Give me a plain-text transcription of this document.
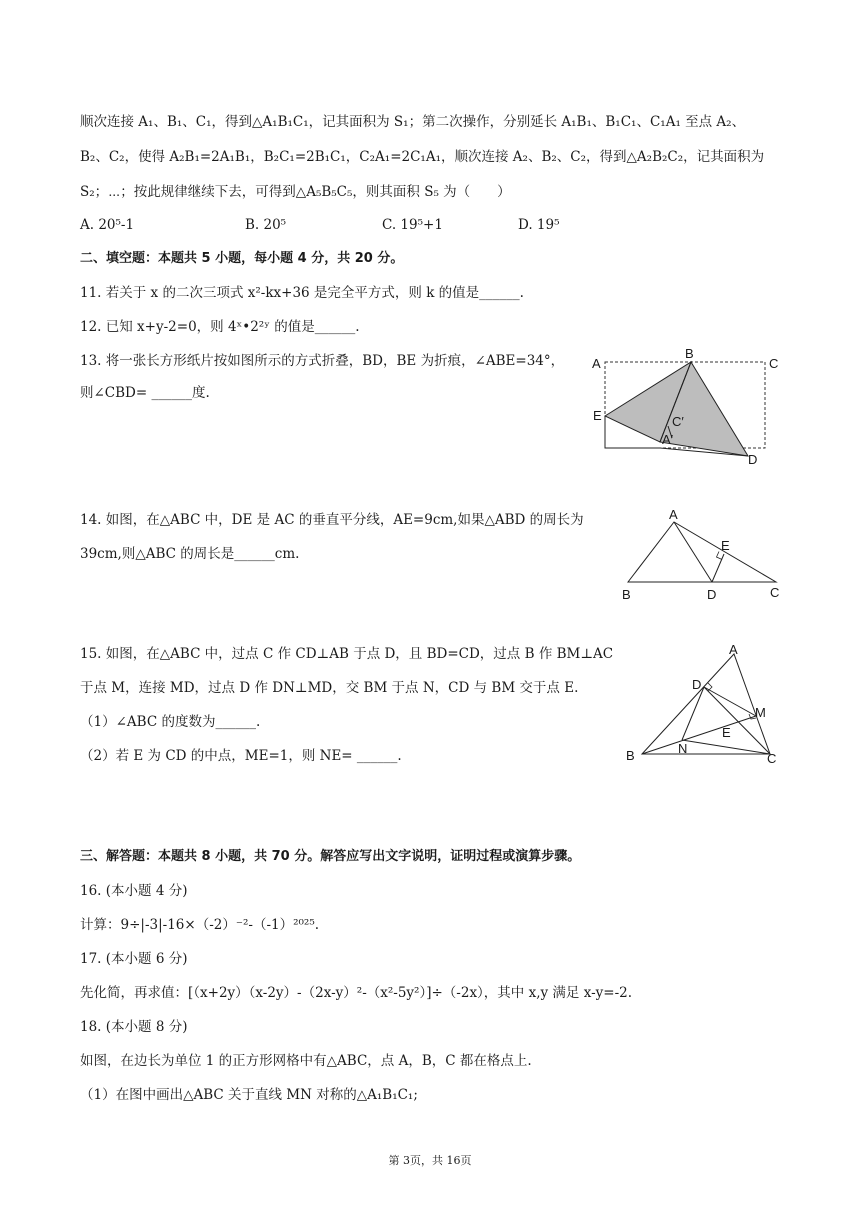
顺次连接 A₁、B₁、C₁，得到△A₁B₁C₁，记其面积为 S₁；第二次操作，分别延长 A₁B₁、B₁C₁、C₁A₁ 至点 A₂、
B₂、C₂，使得 A₂B₁=2A₁B₁，B₂C₁=2B₁C₁，C₂A₁=2C₁A₁，顺次连接 A₂、B₂、C₂，得到△A₂B₂C₂，记其面积为
S₂；⋯；按此规律继续下去，可得到△A₅B₅C₅，则其面积 S₅ 为（　　）
A. 20⁵-1	B. 20⁵	C. 19⁵+1	D. 19⁵
二、填空题：本题共 5 小题，每小题 4 分，共 20 分。
11. 若关于 x 的二次三项式 x²-kx+36 是完全平方式，则 k 的值是______.
12. 已知 x+y-2=0，则 4ˣ•2²ʸ 的值是______.
13. 将一张长方形纸片按如图所示的方式折叠，BD，BE 为折痕，∠ABE=34°，
则∠CBD= ______度.
A
B
C
E	C′
A′
D
14. 如图，在△ABC 中，DE 是 AC 的垂直平分线，AE=9cm,如果△ABD 的周长为
39cm,则△ABC 的周长是______cm.
A
E
B	D	C
15. 如图，在△ABC 中，过点 C 作 CD⊥AB 于点 D，且 BD=CD，过点 B 作 BM⊥AC
于点 M，连接 MD，过点 D 作 DN⊥MD，交 BM 于点 N，CD 与 BM 交于点 E.
（1）∠ABC 的度数为______.
（2）若 E 为 CD 的中点，ME=1，则 NE= ______.
A
D
M
E
B	N
C
三、解答题：本题共 8 小题，共 70 分。解答应写出文字说明，证明过程或演算步骤。
16. (本小题 4 分)
计算：9÷|-3|-16×（-2）⁻²-（-1）²⁰²⁵.
17. (本小题 6 分)
先化简，再求值：[（x+2y）（x-2y）-（2x-y）²-（x²-5y²）]÷（-2x），其中 x,y 满足 x-y=-2.
18. (本小题 8 分)
如图，在边长为单位 1 的正方形网格中有△ABC，点 A，B，C 都在格点上.
（1）在图中画出△ABC 关于直线 MN 对称的△A₁B₁C₁;
第 3页，共 16页
